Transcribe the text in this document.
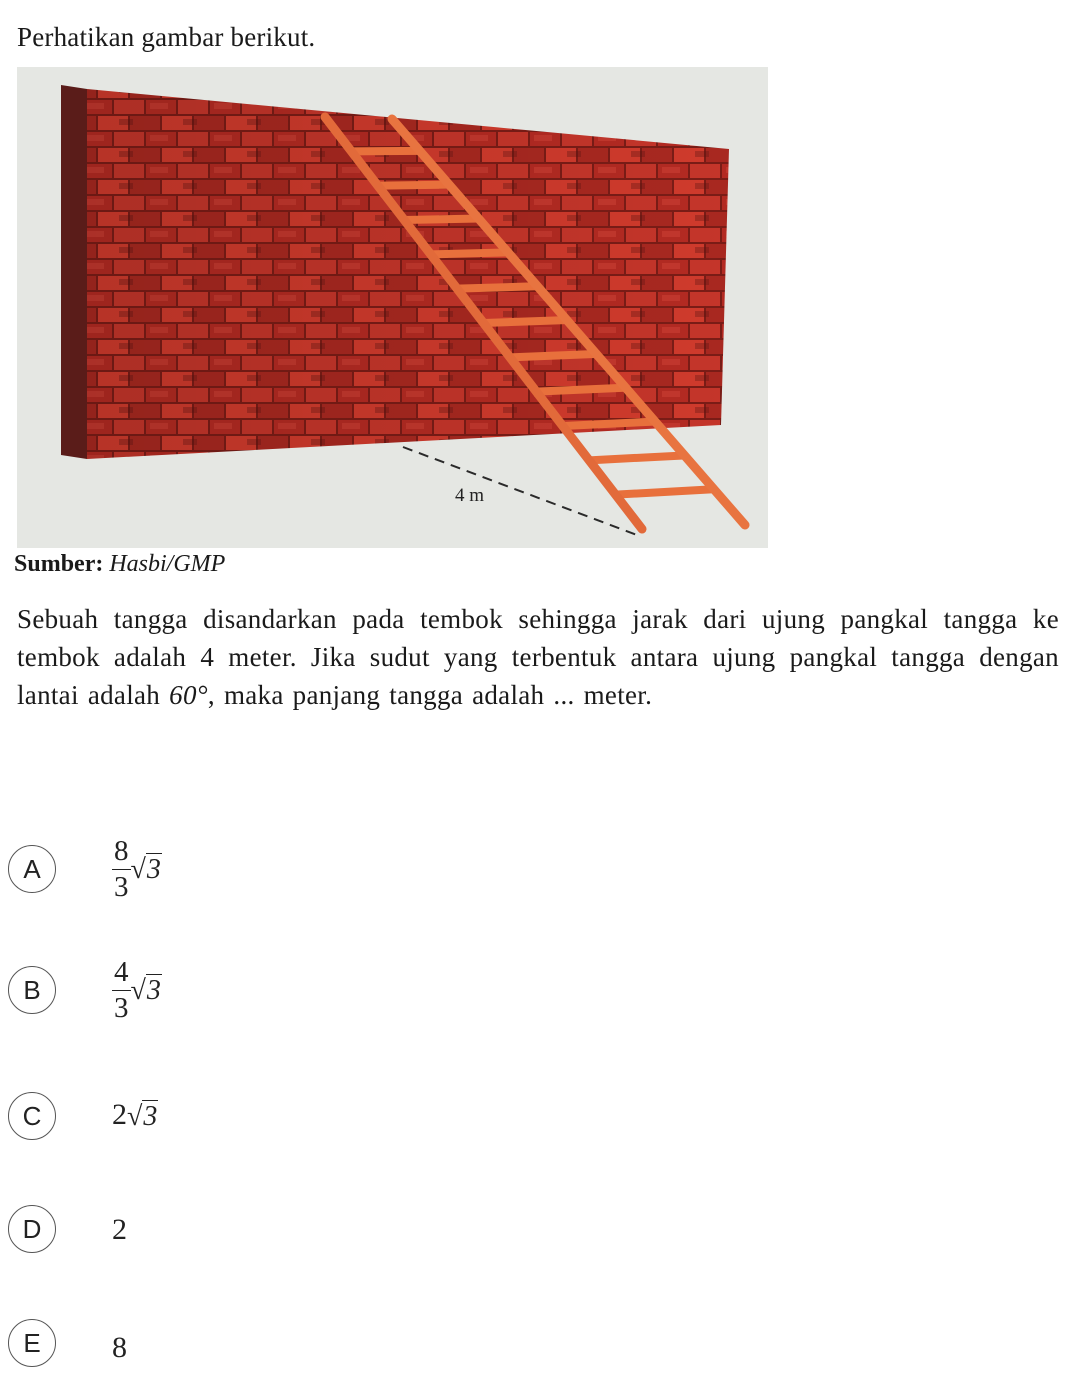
Perhatikan gambar berikut.
4 m
Sumber: Hasbi/GMP
Sebuah tangga disandarkan pada tembok sehingga jarak dari ujung pangkal tangga ke tembok adalah 4 meter. Jika sudut yang terbentuk antara ujung pangkal tangga dengan lantai adalah 60°, maka panjang tangga adalah ... meter.
A	$\frac{8}{3} √3$
B	$\frac{4}{3} √3$
C	2√3
D	2
E	8
